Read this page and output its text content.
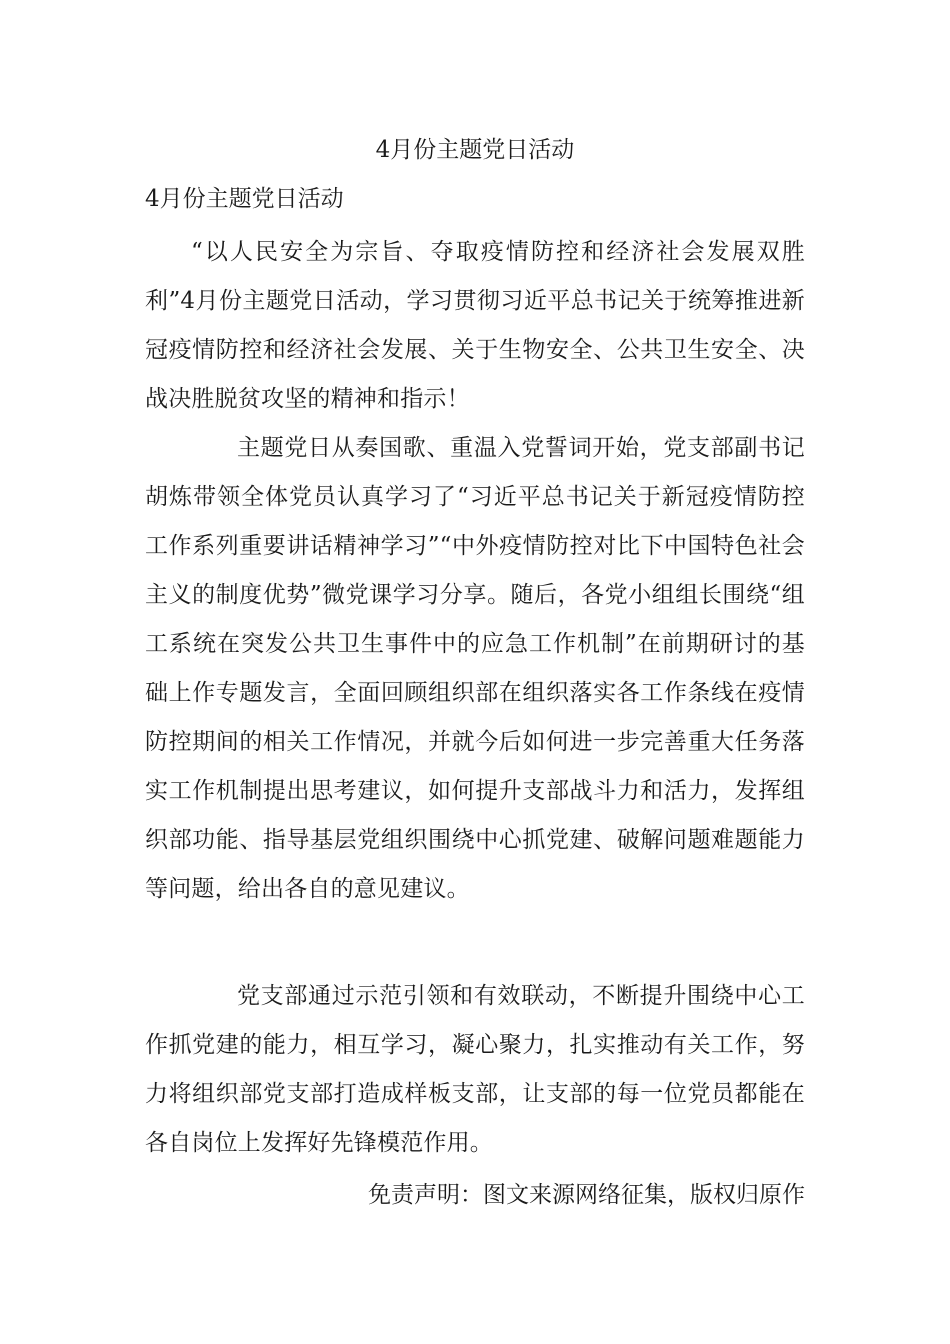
4月份主题党日活动
4月份主题党日活动

“以人民安全为宗旨、夺取疫情防控和经济社会发展双胜利”4月份主题党日活动，学习贯彻习近平总书记关于统筹推进新冠疫情防控和经济社会发展、关于生物安全、公共卫生安全、决战决胜脱贫攻坚的精神和指示！

主题党日从奏国歌、重温入党誓词开始，党支部副书记胡炼带领全体党员认真学习了“习近平总书记关于新冠疫情防控工作系列重要讲话精神学习”“中外疫情防控对比下中国特色社会主义的制度优势”微党课学习分享。随后，各党小组组长围绕“组工系统在突发公共卫生事件中的应急工作机制”在前期研讨的基础上作专题发言，全面回顾组织部在组织落实各工作条线在疫情防控期间的相关工作情况，并就今后如何进一步完善重大任务落实工作机制提出思考建议，如何提升支部战斗力和活力，发挥组织部功能、指导基层党组织围绕中心抓党建、破解问题难题能力等问题，给出各自的意见建议。

党支部通过示范引领和有效联动，不断提升围绕中心工作抓党建的能力，相互学习，凝心聚力，扎实推动有关工作，努力将组织部党支部打造成样板支部，让支部的每一位党员都能在各自岗位上发挥好先锋模范作用。

免责声明：图文来源网络征集，版权归原作
